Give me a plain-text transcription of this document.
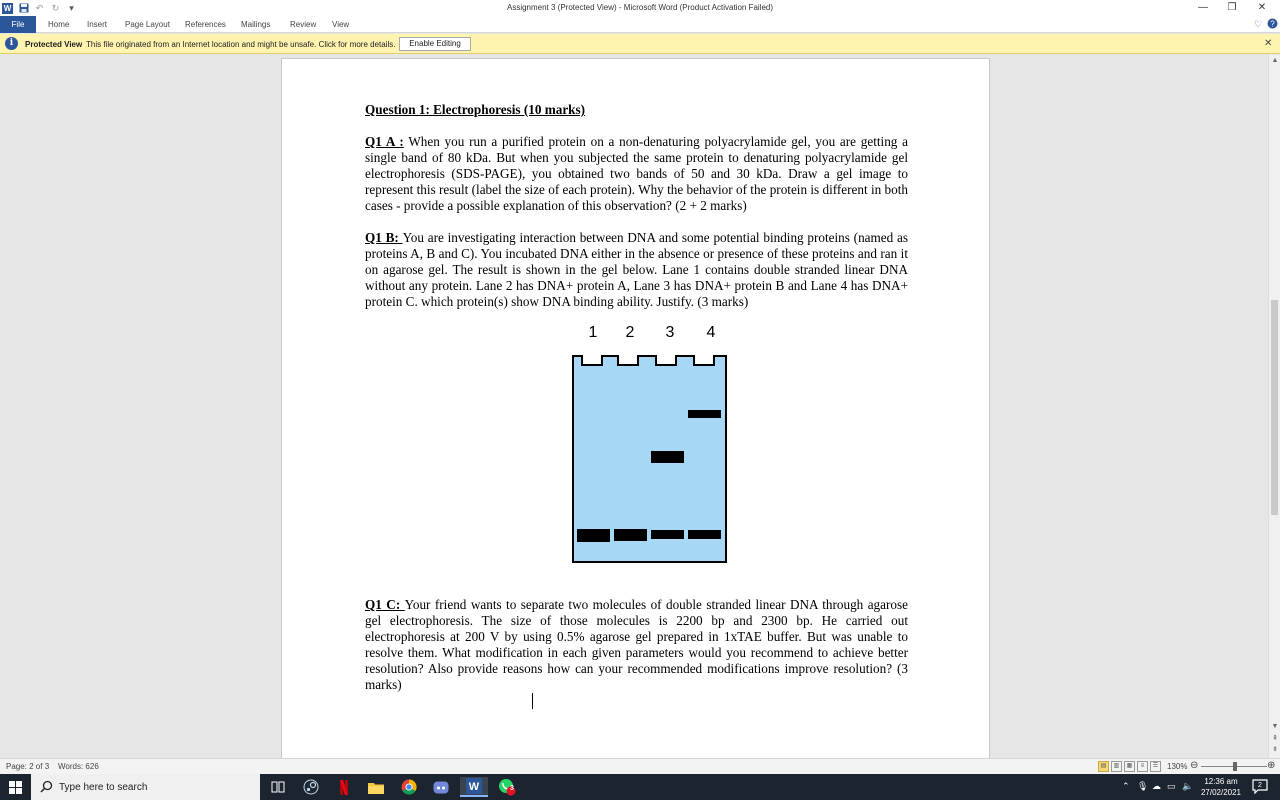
W	↶ ↻	▾	Assignment 3 (Protected View) - Microsoft Word (Product Activation Failed)	—	❐	✕
File	Home Insert Page Layout References Mailings Review View	♡ ?
i	Protected View This file originated from an Internet location and might be unsafe. Click for more details.	Enable Editing	✕
Question 1: Electrophoresis (10 marks)
Q1 A : When you run a purified protein on a non-denaturing polyacrylamide gel, you are getting a single band of 80 kDa. But when you subjected the same protein to denaturing polyacrylamide gel electrophoresis (SDS-PAGE), you obtained two bands of 50 and 30 kDa. Draw a gel image to represent this result (label the size of each protein). Why the behavior of the protein is different in both cases - provide a possible explanation of this observation? (2 + 2 marks)
Q1 B: You are investigating interaction between DNA and some potential binding proteins (named as proteins A, B and C). You incubated DNA either in the absence or presence of these proteins and ran it on agarose gel. The result is shown in the gel below. Lane 1 contains double stranded linear DNA without any protein. Lane 2 has DNA+ protein A, Lane 3 has DNA+ protein B and Lane 4 has DNA+ protein C. which protein(s) show DNA binding ability. Justify. (3 marks)
1 2 3 4
Q1 C: Your friend wants to separate two molecules of double stranded linear DNA through agarose gel electrophoresis. The size of those molecules is 2200 bp and 2300 bp. He carried out electrophoresis at 200 V by using 0.5% agarose gel prepared in 1xTAE buffer. But was unable to resolve them. What modification in each given parameters would you recommend to achieve better resolution? Also provide reasons how can your recommended modifications improve resolution? (3 marks)
▲
▼
⇞
⇟
Page: 2 of 3 Words: 626	▤	▥	▦	≡	☰	130% ⊖	⊕
Type here to search	W	3	⌃ 🎙 ☁ ▭ 🔈	12:36 am
27/02/2021
2
